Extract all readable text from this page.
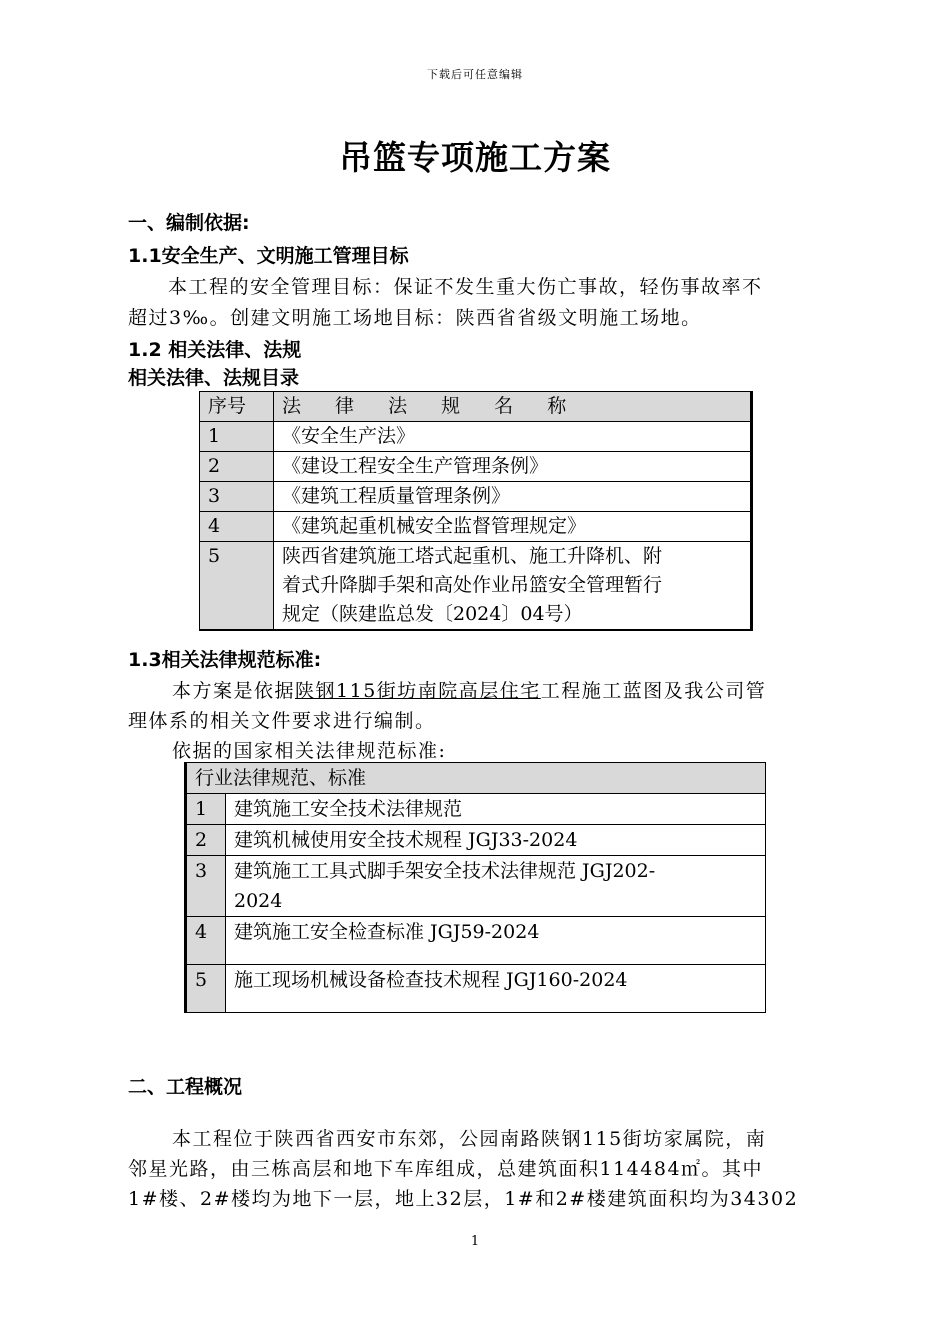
下载后可任意编辑
吊篮专项施工方案
一、编制依据:
1.1安全生产、文明施工管理目标
本工程的安全管理目标：保证不发生重大伤亡事故，轻伤事故率不
超过3‰。创建文明施工场地目标：陕西省省级文明施工场地。
1.2 相关法律、法规
相关法律、法规目录
序号	法 律 法 规 名 称
1	《安全生产法》
2	《建设工程安全生产管理条例》
3	《建筑工程质量管理条例》
4	《建筑起重机械安全监督管理规定》
5	陕西省建筑施工塔式起重机、施工升降机、附
着式升降脚手架和高处作业吊篮安全管理暂行
规定（陕建监总发〔2024〕04号）
1.3相关法律规范标准:
本方案是依据陕钢115街坊南院高层住宅工程施工蓝图及我公司管
理体系的相关文件要求进行编制。
依据的国家相关法律规范标准:
行业法律规范、标准	
1	建筑施工安全技术法律规范
2	建筑机械使用安全技术规程 JGJ33-2024
3	建筑施工工具式脚手架安全技术法律规范 JGJ202-
2024

4	建筑施工安全检查标准 JGJ59-2024
5	施工现场机械设备检查技术规程 JGJ160-2024
二、工程概况
本工程位于陕西省西安市东郊，公园南路陕钢115街坊家属院，南
邻星光路，由三栋高层和地下车库组成，总建筑面积114484㎡。其中
1#楼、2#楼均为地下一层，地上32层，1#和2#楼建筑面积均为34302
1
